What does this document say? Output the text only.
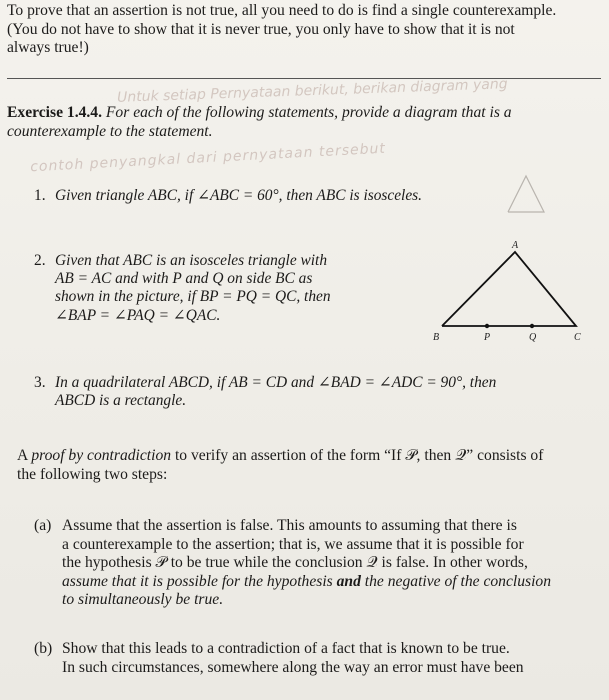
To prove that an assertion is not true, all you need to do is find a single counterexample.
(You do not have to show that it is never true, you only have to show that it is not
always true!)

Untuk setiap Pernyataan berikut, berikan diagram yang
contoh penyangkal dari pernyataan tersebut

Exercise 1.4.4. For each of the following statements, provide a diagram that is a
counterexample to the statement.

1. Given triangle ABC, if ∠ABC = 60°, then ABC is isosceles.
2. Given that ABC is an isosceles triangle with
AB = AC and with P and Q on side BC as
shown in the picture, if BP = PQ = QC, then
∠BAP = ∠PAQ = ∠QAC.
A
B	P	Q	C
3. In a quadrilateral ABCD, if AB = CD and ∠BAD = ∠ADC = 90°, then
ABCD is a rectangle.

A proof by contradiction to verify an assertion of the form “If 𝒫, then 𝒬” consists of
the following two steps:

(a) Assume that the assertion is false. This amounts to assuming that there is
a counterexample to the assertion; that is, we assume that it is possible for
the hypothesis 𝒫 to be true while the conclusion 𝒬 is false. In other words,
assume that it is possible for the hypothesis and the negative of the conclusion
to simultaneously be true.
(b) Show that this leads to a contradiction of a fact that is known to be true.
In such circumstances, somewhere along the way an error must have been
